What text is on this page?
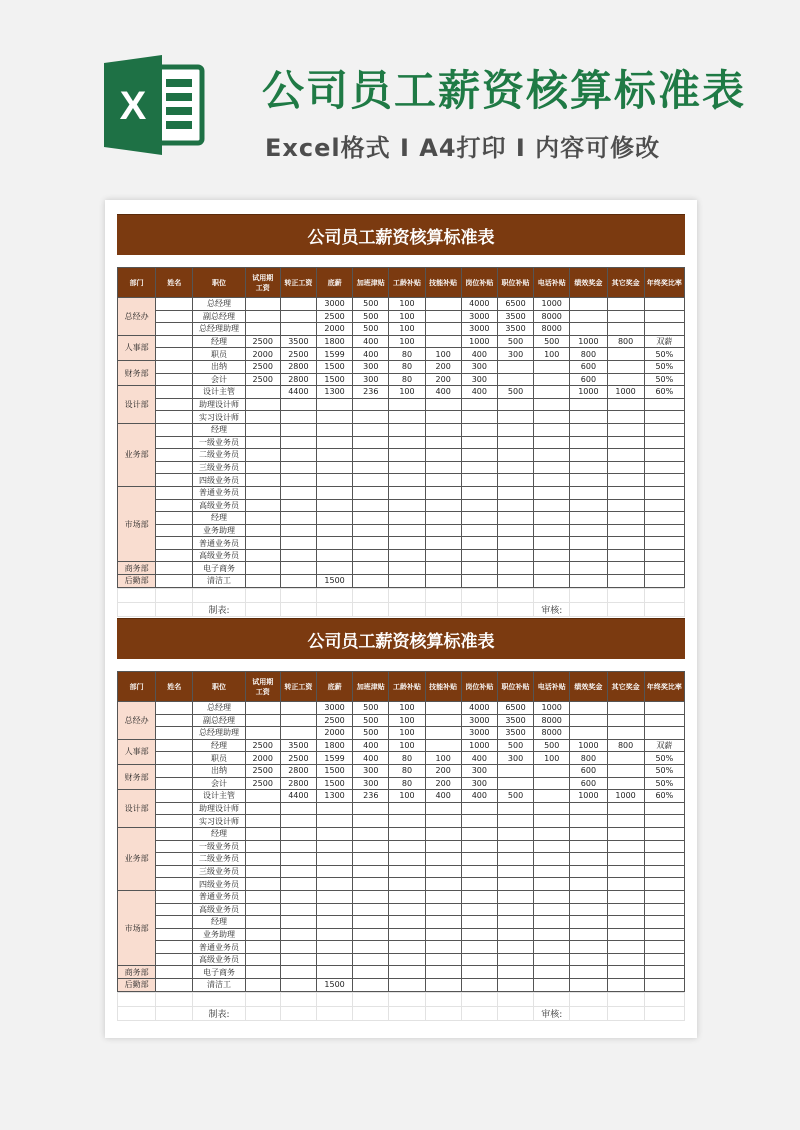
X	公司员工薪资核算标准表
Excel格式 I A4打印 I 内容可修改
公司员工薪资核算标准表
部门	姓名	职位	试用期工资	转正工资	底薪	加班津贴	工龄补贴	技能补贴	岗位补贴	职位补贴	电话补贴	绩效奖金	其它奖金	年终奖比率
总经办		总经理			3000	500	100		4000	6500	1000			
		副总经理			2500	500	100		3000	3500	8000			
		总经理助理			2000	500	100		3000	3500	8000			
人事部		经理	2500	3500	1800	400	100		1000	500	500	1000	800	双薪
		职员	2000	2500	1599	400	80	100	400	300	100	800		50%
财务部		出纳	2500	2800	1500	300	80	200	300			600		50%
		会计	2500	2800	1500	300	80	200	300			600		50%
设计部		设计主管		4400	1300	236	100	400	400	500		1000	1000	60%
		助理设计师												
		实习设计师												
业务部		经理												
		一级业务员												
		二级业务员												
		三级业务员												
		四级业务员												
市场部		普通业务员												
		高级业务员												
		经理												
		业务助理												
		普通业务员												
		高级业务员												
商务部		电子商务												
后勤部		清洁工			1500									

		制表:									审核:			
公司员工薪资核算标准表
部门	姓名	职位	试用期工资	转正工资	底薪	加班津贴	工龄补贴	技能补贴	岗位补贴	职位补贴	电话补贴	绩效奖金	其它奖金	年终奖比率
总经办		总经理			3000	500	100		4000	6500	1000			
		副总经理			2500	500	100		3000	3500	8000			
		总经理助理			2000	500	100		3000	3500	8000			
人事部		经理	2500	3500	1800	400	100		1000	500	500	1000	800	双薪
		职员	2000	2500	1599	400	80	100	400	300	100	800		50%
财务部		出纳	2500	2800	1500	300	80	200	300			600		50%
		会计	2500	2800	1500	300	80	200	300			600		50%
设计部		设计主管		4400	1300	236	100	400	400	500		1000	1000	60%
		助理设计师												
		实习设计师												
业务部		经理												
		一级业务员												
		二级业务员												
		三级业务员												
		四级业务员												
市场部		普通业务员												
		高级业务员												
		经理												
		业务助理												
		普通业务员												
		高级业务员												
商务部		电子商务												
后勤部		清洁工			1500									

		制表:									审核:			
